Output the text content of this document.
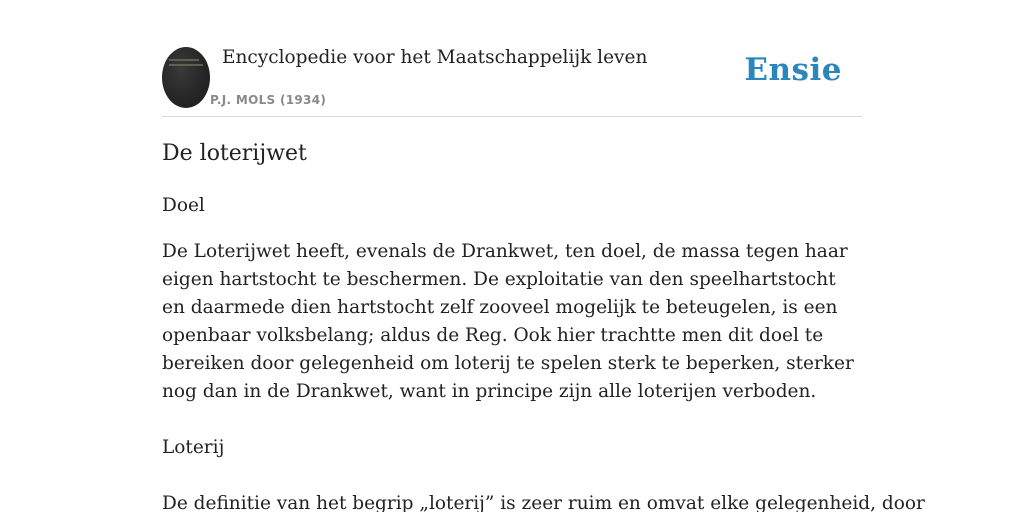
Encyclopedie voor het Maatschappelijk leven
P.J. MOLS (1934)
Ensie
De loterijwet
Doel
De Loterijwet heeft, evenals de Drankwet, ten doel, de massa tegen haar eigen hartstocht te beschermen. De exploitatie van den speelhartstocht en daarmede dien hartstocht zelf zooveel mogelijk te beteugelen, is een openbaar volksbelang; aldus de Reg. Ook hier trachtte men dit doel te bereiken door gelegenheid om loterij te spelen sterk te beperken, sterker nog dan in de Drankwet, want in principe zijn alle loterijen verboden.
Loterij
De definitie van het begrip „loterij” is zeer ruim en omvat elke gelegenheid, door
